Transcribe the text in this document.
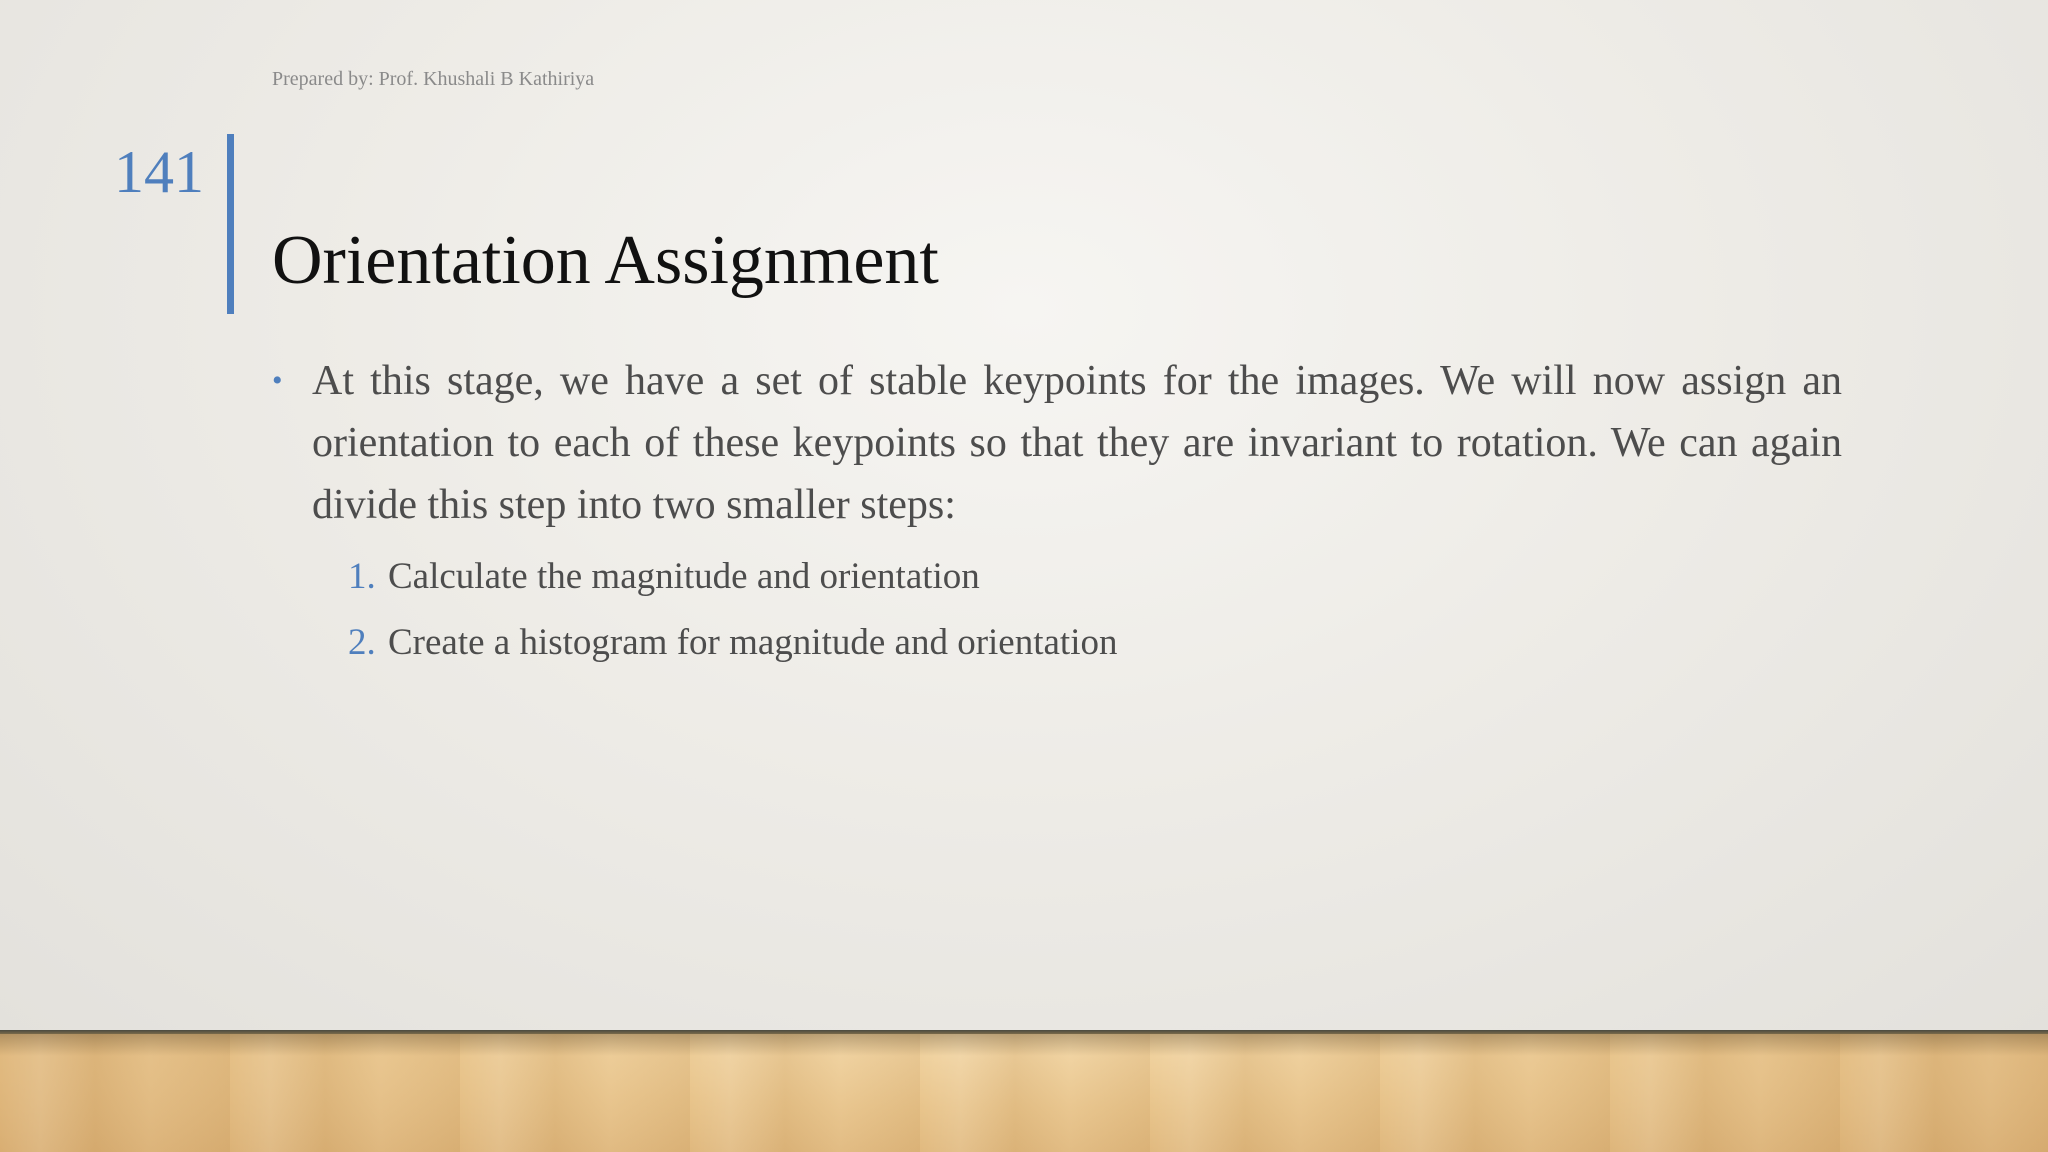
Prepared by: Prof. Khushali B Kathiriya
141
Orientation Assignment
• At this stage, we have a set of stable keypoints for the images. We will now assign an orientation to each of these keypoints so that they are invariant to rotation. We can again divide this step into two smaller steps:
1. Calculate the magnitude and orientation
2. Create a histogram for magnitude and orientation
